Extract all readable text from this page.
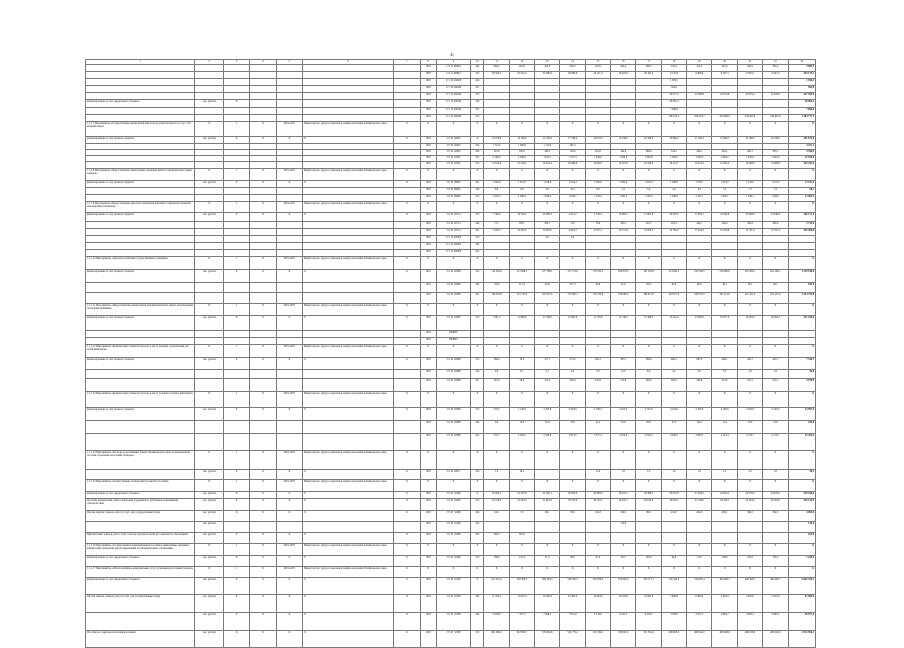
41
1	2	3	4	5	6	7	8	9	10	11	12	13	14	15	16	17	18	19	20	21	22	23
							1003	171 11 R0661	244	849,2	505,8	435,0	839,2	255,0	424,2	809,2	332,2	412,2	341,0	345,0	345,0	5 685,4
							1003	171 11 R0661	313	38 320,2	35 542,4	32 860,8	29 686,9	29 111,0	30 405,0	40 161,2	9 135,9	9 888,0	9 397,3	9 397,0	9 397,0	420 178,1
							1003	17 1 01 R4040	244								1 956,5					1 956,5
							1003	17 1 01 R4040	321								504,8					504,8
							1003	17 1 01 R4040	313								16 077,0	22 508,8	22 613,9	22 975,0	22 976,0	247 556,9
финансирование за счет федерального бюджета	тыс. рублей	X					1003	17 1 01 R4040	244								28 685,3					28 883,3
							1003	17 1 01 R4040	321								7 096,8					7 896,8
							1003	17 1 01 R4040	313								266 913,5	334 043,7	334 684,5	334 843,0	334 843,0	1 584 717,2
1.1.1.7 Мероприятие «Осуществление ежемесячной выплаты на детей в возрасте от 3 до 7 лет включительно»	X	1	X	2019-2025	Министерство труда и социальной защиты населения Забайкальского края	X	X	X	X	X	X	X	X	X	X	X	X	X	X	X	X	X
финансирование за счет краевого бюджета	тыс. рублей	X	X	X	X	X	1003	171 01 02091	X	15 076,8	14 760,9	13 792,6	17 768,4	16 070,0	15 540,0	16 190,0	19 980,2	21 306,2	21 869,7	24 180,0	24 180,0	301 672,6
							1003	171 01 02091	322	1 713,0	1 269,8	1 112,9	291,3									4 327,2
							1003	171 01 02091	244	145,9	169,5	160,5	163,0	281,6	194,6	389,8	334,5	280,1	263,1	263,1	263,1	3 356,9
							1003	171 01 02091	321	2 166,3	2 036,8	1 912,1	1 557,3	1 626,6	1 820,6	1 392,8	1 569,5	1 645,5	1 645,0	1 645,0	1 645,0	22 950,8
							1003	171 01 02091	313	14 014,4	15 229,3	16 454,4	16 489,6	14 930,7	14 637,6	16 528,0	16 214,7	16 014,2	14 594,2	14 668,8	14 668,8	203 443,2
1.1.1.8 Мероприятие «Предоставление ежемесячных денежных выплат отдельным категориям граждан»	X	1	X	2019-2025	Министерство труда и социальной защиты населения Забайкальского края	X	X	X	X	X	X	X	X	X	X	X	X	X	X	X	X	X
финансирование за счет краевого бюджета	тыс. рублей	X	X	X	X	X	1003	171 01 09905	321	1 046,8	1 013,0	1 019,6	1 024,4	1 092,0	1 092,0	1 035,0	1 036,0	1 036,7	1 013,0	1 013,0	1 013,0	13 543,3
							1003	171 01 09905	244	8,6	6,9	5,6	10,7	6,8	5,2	5,6	4,4	6,5	7,2	7,3	7,3	98,2
							1003	171 01 09905	313	1 023,2	1 008,4	1 034,4	1 009,7	1 254,2	1 281,3	1 283,2	1 280,9	1 321,1	1 039,1	1 039,1	1 039,1	13 903,5
1.1.1.9 Мероприятие «Предоставление адресной социальной помощи и социальных гарантий малоимущим гражданам»	X	1	X	2019-2025	Министерство труда и социальной защиты населения Забайкальского края	X	X	X	X	X	X	X	X	X	X	X	X	X	X	X	X	X
финансирование за счет краевого бюджета	тыс. рублей	X	X	X	X	X	1003	171 01 02714	313	7 760,4	16 793,1	20 936,3	2 812,2	2 343,4	16 083,1	17 681,8	19 995,2	17 854,7	23 049,8	23 049,8	23 049,8	266 171,4
							1003	171 01 02714	244	72,7	180,7	393,7	72,5	76,6	300,1	312,7	281,3	244,7	190,0	300,6	300,6	2 715,6
							1003	171 01 02714	321	7 420,5	10 032,6	10 997,0	9 443,3	9 197,2	10 151,9	10 602,5	10 785,9	17 444,3	15 610,8	12 797,4	12 797,4	205 468,8
							1003	17 1 01 R0000	313			0,0	0,0									
							1003	17 1 01 R0000	244													
							1003	17 1 01 R0000	321													
1.1.1.10 Мероприятие «Доплаты к пенсиям государственным служащим»	X	1	X	2019-2025	Министерство труда и социальной защиты населения Забайкальского края	X	X	X	X	X	X	X	X	X	X	X	X	X	X	X	X	X
финансирование за счет краевого бюджета	тыс. рублей	X	X	X	X	X	1001	171 01 02099	312	116 560,6	121 699,3	107 788,1	157 131,8	178 533,0	180 876,3	187 283,8	214 842,3	210 590,0	216 460,0	261 286,1	261 286,1	2 239 538,6
							1001	171 01 02099	244	179,0	371,3	94,8	477,3	90,0	41,0	95,0	95,0	85,0	46,1	46,1	46,1	819,0
							1001	171 01 02099	321	149 318,6	151 741,8	167 615,5	170 685,1	176 235,6	180 085,2	186 871,0	243 671,9	230 070,0	241 251,0	241 251,0	241 251,0	3 234 759,0
1.1.1.11 Мероприятие «Предоставление ежемесячной денежной выплаты лицам, награжденным почетными званиями»	X	1	X	2019-2025	Министерство труда и социальной защиты населения Забайкальского края	X	X	X	X	X	X	X	X	X	X	X	X	X	X	X	X	X
финансирование за счет краевого бюджета	тыс. рублей	X	X	X	X	X	1003	171 01 02687	313	7 401,2	11 688,8	11 799,6	10 685,6	11 725,8	11 136,2	13 169,5	13 244,2	13 065,6	19 677,0	16 094,3	16 094,3	231 249,6
							1003	0908807														
							1003	0908807														
1.1.1.12 Мероприятие «Компенсация стоимости проезда к месту лечения, оздоровления для детей-инвалидов»	X	1	X	2019-2025	Министерство труда и социальной защиты населения Забайкальского края	X	X	X	X	X	X	X	X	X	X	X	X	X	X	X	X	X
финансирование за счет краевого бюджета	тыс. рублей	X	X	X	X	X	1003	171 01 02688	313	389,0	35,9	317,7	373,2	392,3	383,7	589,6	960,2	887,0	406,1	443,7	443,7	7 346,7
							1003	171 01 02688	244	9,0	0,1	0,1	6,2	0,3	15,8	8,6	4,2	5,0	3,3	1,6	1,6	56,8
							1003	171 01 02688	321	197,6	20,9	211,4	346,4	255,8	274,8	300,8	393,0	383,0	413,0	413,1	413,1	3 978,8
1.1.1.13 Мероприятие «Компенсация стоимости проезда к месту лечения и обратно инвалидам»	X	1	X	2019-2025	Министерство труда и социальной защиты населения Забайкальского края	X	X	X	X	X	X	X	X	X	X	X	X	X	X	X	X	X
финансирование за счет краевого бюджета	тыс. рублей	X	X	X	X	X	1003	171 01 02689	313	379,5	2 126,9	2 203,8	3 903,9	2 799,3	4 913,4	4 745,6	4 104,9	4 160,9	4 160,9	4 160,9	4 160,9	43 997,9
							1003	171 01 02689	244	6,0	33,0	52,0	37,6	41,5	55,6	65,0	47,3	38,4	13,4	13,8	13,8	435,6
							1003	171 01 02689	321	372,7	2 093,2	2 346,8	3 813,0	3 577,2	4 912,9	4 529,3	4 280,0	3 680,3	4 122,4	4 176,7	4 176,7	43 394,4
1.1.1.14 Мероприятие «Расходы на реализацию Закона Забайкальского края «О ежемесячном пособии отдельным категориям граждан»»	X	1	X	2019-2025	Министерство труда и социальной защиты населения Забайкальского края	X	X	X	X	X	X	X	X	X	X	X	X	X	X	X	X	X
	тыс. рублей	X	X	X	X	X	1003	171 01 02917	322	1,0	36,2			13,0	1,0	1,0	1,0	1,0	1,0	1,0	1,0	58,2
1.1.1.15 Мероприятие «Осуществление полномочий по выплате пособий»	X	1	X	2019-2025	Министерство труда и социальной защиты населения Забайкальского края	X	X	X	X	X	X	X	X	X	X	X	X	X	X	X	X	X
финансирование за счет федерального бюджета	тыс. рублей	X	X	X	X	X	1003	171 01 52400	X	25 606,3	22 535,8	22 381,1	30 850,0	30 999,3	30 435,1	30 398,3	30 072,8	31 836,0	24 950,1	24 976,0	24 976,0	349 358,6
Пособия, компенсации, меры социальной поддержки по публичным нормативным обязательствам	тыс. рублей	X	X	X	X	X	1003	171 01 52400	313	25 106,3	22 064,3	21 891,8	30 370,0	30 519,3	29 947,1	29 910,4	29 623,1	31 359,0	24 478,1	24 504,0	24 504,0	335 142,9
Прочая закупка товаров, работ и услуг для государственных нужд	тыс. рублей	X	X	X	X	X	1003	171 01 52400	244	10,0	7,0	98,1	85,0	104,3	104,3	80,0	432,0	442,3	463,1	362,0	362,0	4 695,6
	тыс. рублей						1003	171 01 52400	162						130,0							130,0
Приобретение товаров, работ, услуг в пользу граждан в целях их социального обеспечения	тыс. рублей	X	X	X	X	X	1003	171 01 52400	323	590,0	565,0											670,0
1.1.1.16 Мероприятие «Государственная единовременная пособия и ежемесячные денежные компенсации гражданам при возникновении поствакцинальных осложнений»	X	1	X	2019-2025	Министерство труда и социальной защиты населения Забайкальского края	X	X	X	X	X	X	X	X	X	X	X	X	X	X	X	X	X
финансирование за счет федерального бюджета	тыс. рублей	X	X	X	X	X	1003	171 01 52400	313	138,0	147,4	51,5	90,9	91,0	93,3	105,0	94,9	76,6	100,9	105,0	105,0	1 228,5
1.1.1.17 Мероприятие «Оплата жилищно-коммунальных услуг отдельным категориям граждан»	X	1	X	2019-2025	Министерство труда и социальной защиты населения Забайкальского края	X	X	X	X	X	X	X	X	X	X	X	X	X	X	X	X	X
финансирование за счет федерального бюджета	тыс. рублей	X	X	X	X	X	1003	171 01 52500	X	612 253,2	548 308,8	584 593,4	548 302,3	550 636,3	550 849,0	550 571,1	556 549,0	519 695,4	490 496,7	490 496,7	490 496,7	6 662 339,1
Прочая закупка товаров, работ и услуг для государственных нужд	тыс. рублей	X	X	X	X	X	1003	171 01 52500	244	11 700,0	11 613,2	10 395,8	10 495,4	10 293,8	10 335,6	10 602,0	7 990,6	6 990,4	2 955,8	2 955,8	2 955,8	97 989,6
	тыс. рублей	X	X	X	X	X	1003	171 01 52500	244	3 978,8	7 077,7	7 299,2	7 812,8	8 143,8	9 411,5	8 358,2	3 558,9	3 971,2	2 995,2	2 985,2	2 985,2	90 977,6
Пособия по социальной помощи населению	тыс. рублей	X	X	X	X	X	1003	171 01 52500	313	602 286,2	543 582,7	576 964,6	532 779,2	519 334,2	539 897,2	521 361,4	498 965,8	486 942,0	486 626,6	486 626,6	486 626,6	2 923 596,1
